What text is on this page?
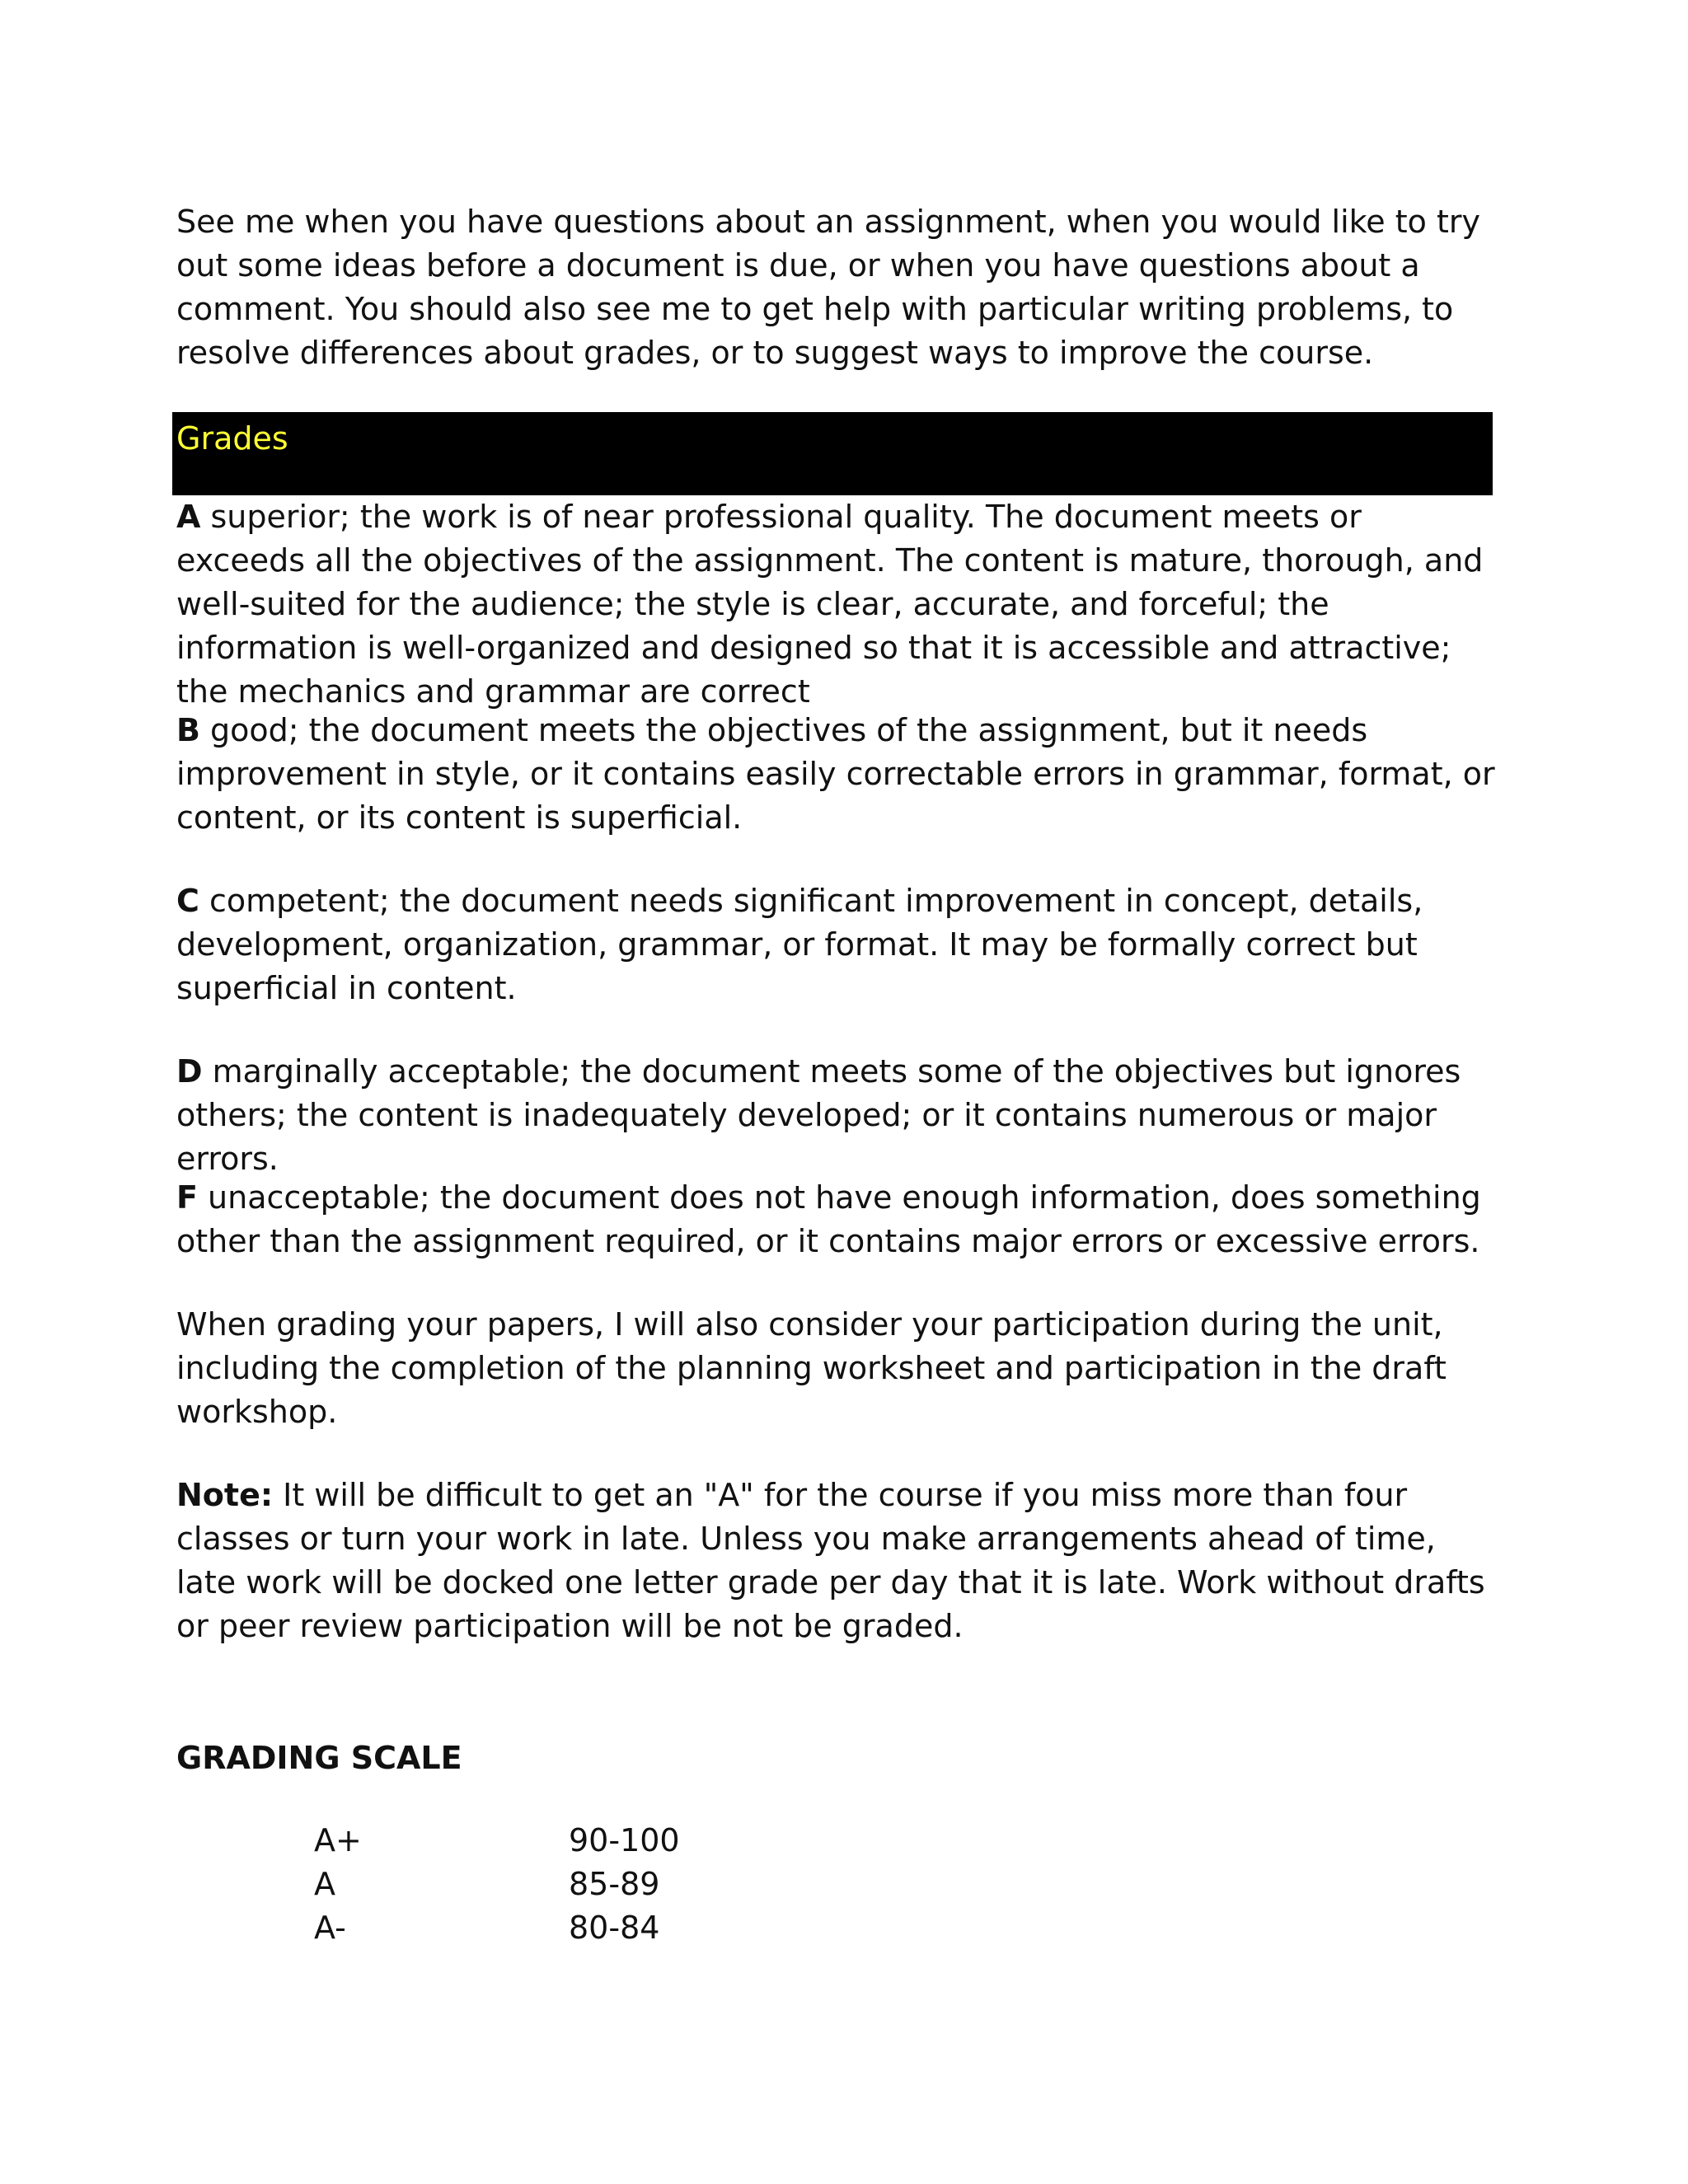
See me when you have questions about an assignment, when you would like to try out some ideas before a document is due, or when you have questions about a comment. You should also see me to get help with particular writing problems, to resolve differences about grades, or to suggest ways to improve the course.

Grades

A superior; the work is of near professional quality. The document meets or exceeds all the objectives of the assignment. The content is mature, thorough, and well-suited for the audience; the style is clear, accurate, and forceful; the information is well-organized and designed so that it is accessible and attractive; the mechanics and grammar are correct

B good; the document meets the objectives of the assignment, but it needs improvement in style, or it contains easily correctable errors in grammar, format, or content, or its content is superficial.

C competent; the document needs significant improvement in concept, details, development, organization, grammar, or format. It may be formally correct but superficial in content.

D marginally acceptable; the document meets some of the objectives but ignores others; the content is inadequately developed; or it contains numerous or major errors.

F unacceptable; the document does not have enough information, does something other than the assignment required, or it contains major errors or excessive errors.

When grading your papers, I will also consider your participation during the unit, including the completion of the planning worksheet and participation in the draft workshop.

Note: It will be difficult to get an "A" for the course if you miss more than four classes or turn your work in late. Unless you make arrangements ahead of time, late work will be docked one letter grade per day that it is late. Work without drafts or peer review participation will be not be graded.

GRADING SCALE

A+	90-100
A	85-89
A-	80-84
